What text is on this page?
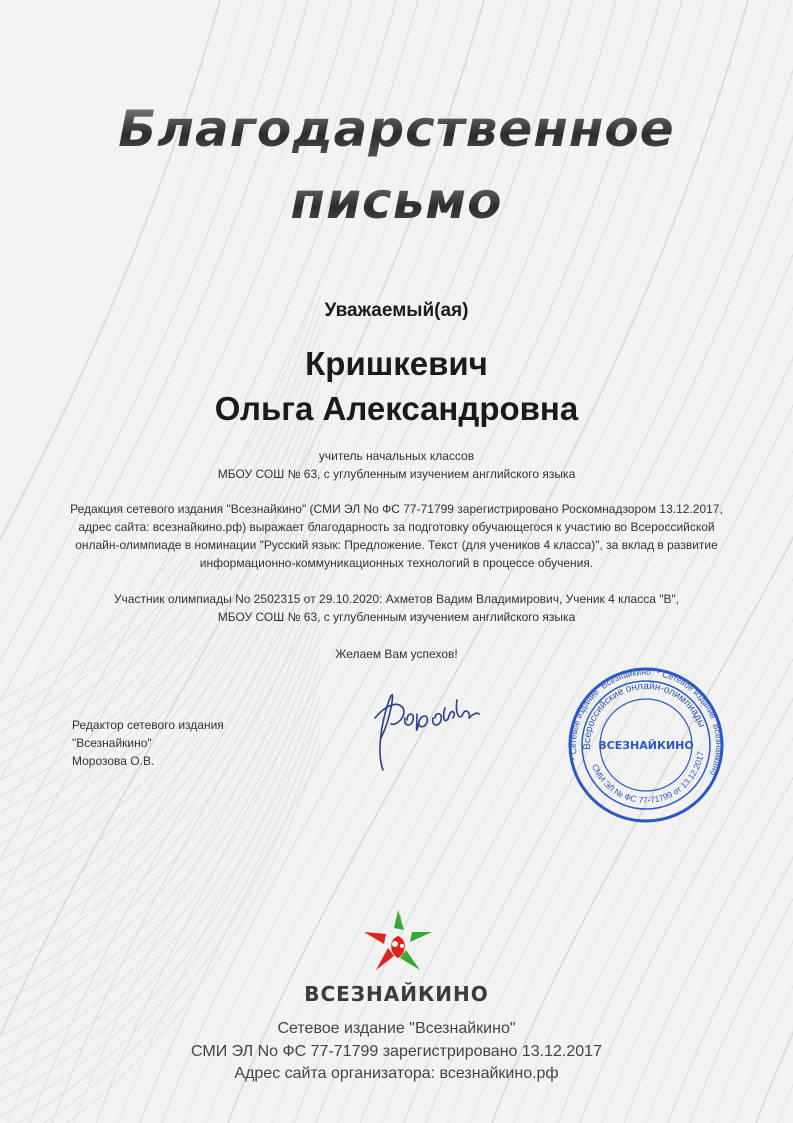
Благодарственное
письмо
Уважаемый(ая)
Кришкевич
Ольга Александровна
учитель начальных классов
МБОУ СОШ № 63, с углубленным изучением английского языка
Редакция сетевого издания "Всезнайкино" (СМИ ЭЛ No ФС 77-71799 зарегистрировано Роскомнадзором 13.12.2017, адрес сайта: всезнайкино.рф) выражает благодарность за подготовку обучающегося к участию во Всероссийской онлайн-олимпиаде в номинации "Русский язык: Предложение. Текст (для учеников 4 класса)", за вклад в развитие информационно-коммуникационных технологий в процессе обучения.
Участник олимпиады No 2502315 от 29.10.2020: Ахметов Вадим Владимирович, Ученик 4 класса "В",
МБОУ СОШ № 63, с углубленным изучением английского языка
Желаем Вам успехов!
Редактор сетевого издания
"Всезнайкино"
Морозова О.В.	* Сетевое издание "Всезнайкино" * Сетевое издание "Всезнайкино"
Всероссийские онлайн-олимпиады
СМИ ЭЛ № ФС 77-71799 от 13.12.2017
ВСЕЗНАЙКИНО
ВСЕЗНАЙКИНО
Сетевое издание "Всезнайкино"
СМИ ЭЛ No ФС 77-71799 зарегистрировано 13.12.2017
Адрес сайта организатора: всезнайкино.рф
